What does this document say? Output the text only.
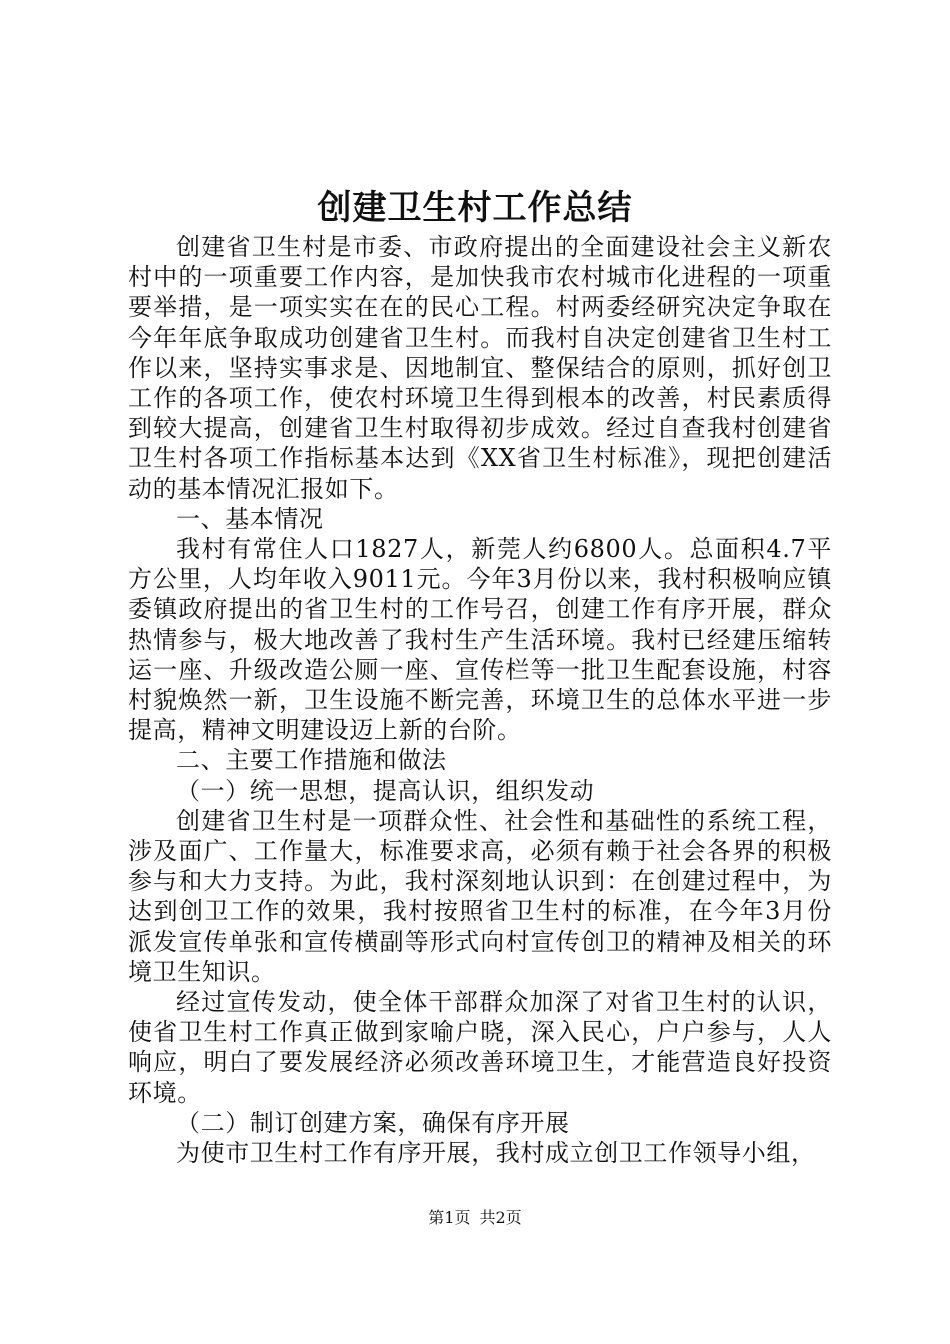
创建卫生村工作总结

创建省卫生村是市委、市政府提出的全面建设社会主义新农村中的一项重要工作内容，是加快我市农村城市化进程的一项重要举措，是一项实实在在的民心工程。村两委经研究决定争取在今年年底争取成功创建省卫生村。而我村自决定创建省卫生村工作以来，坚持实事求是、因地制宜、整保结合的原则，抓好创卫工作的各项工作，使农村环境卫生得到根本的改善，村民素质得到较大提高，创建省卫生村取得初步成效。经过自查我村创建省卫生村各项工作指标基本达到《XX省卫生村标准》，现把创建活动的基本情况汇报如下。

一、基本情况

我村有常住人口1827人，新莞人约6800人。总面积4.7平方公里，人均年收入9011元。今年3月份以来，我村积极响应镇委镇政府提出的省卫生村的工作号召，创建工作有序开展，群众热情参与，极大地改善了我村生产生活环境。我村已经建压缩转运一座、升级改造公厕一座、宣传栏等一批卫生配套设施，村容村貌焕然一新，卫生设施不断完善，环境卫生的总体水平进一步提高，精神文明建设迈上新的台阶。

二、主要工作措施和做法

（一）统一思想，提高认识，组织发动

创建省卫生村是一项群众性、社会性和基础性的系统工程，涉及面广、工作量大，标准要求高，必须有赖于社会各界的积极参与和大力支持。为此，我村深刻地认识到：在创建过程中，为达到创卫工作的效果，我村按照省卫生村的标准，在今年3月份派发宣传单张和宣传横副等形式向村宣传创卫的精神及相关的环境卫生知识。

经过宣传发动，使全体干部群众加深了对省卫生村的认识，使省卫生村工作真正做到家喻户晓，深入民心，户户参与，人人响应，明白了要发展经济必须改善环境卫生，才能营造良好投资环境。

（二）制订创建方案，确保有序开展

为使市卫生村工作有序开展，我村成立创卫工作领导小组，

第1页 共2页
